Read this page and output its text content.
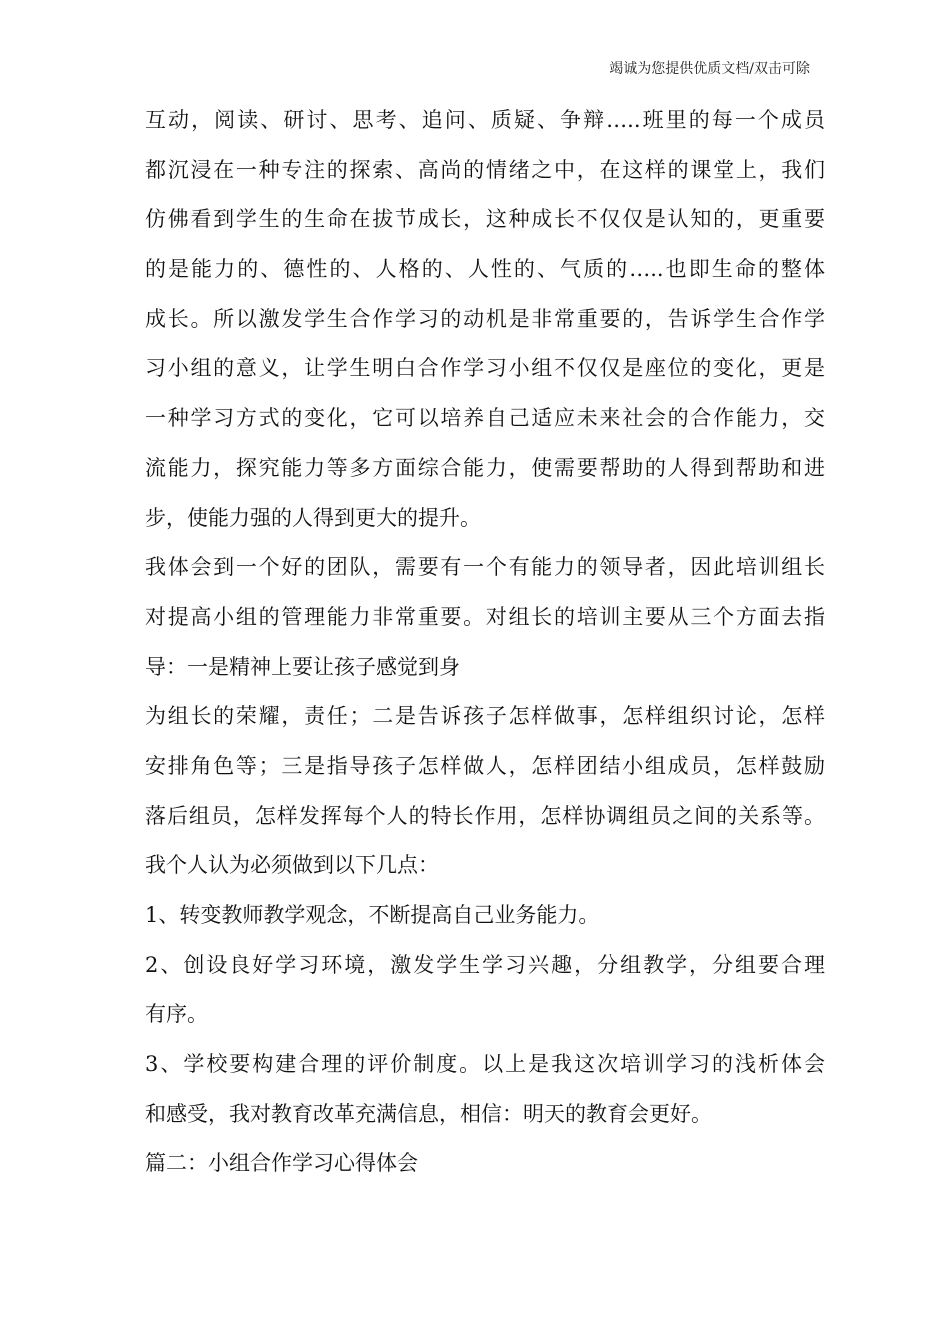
竭诚为您提供优质文档/双击可除
互动，阅读、研讨、思考、追问、质疑、争辩…..班里的每一个成员
都沉浸在一种专注的探索、高尚的情绪之中，在这样的课堂上，我们
仿佛看到学生的生命在拔节成长，这种成长不仅仅是认知的，更重要
的是能力的、德性的、人格的、人性的、气质的…..也即生命的整体
成长。所以激发学生合作学习的动机是非常重要的，告诉学生合作学
习小组的意义，让学生明白合作学习小组不仅仅是座位的变化，更是
一种学习方式的变化，它可以培养自己适应未来社会的合作能力，交
流能力，探究能力等多方面综合能力，使需要帮助的人得到帮助和进
步，使能力强的人得到更大的提升。
我体会到一个好的团队，需要有一个有能力的领导者，因此培训组长
对提高小组的管理能力非常重要。对组长的培训主要从三个方面去指
导：一是精神上要让孩子感觉到身
为组长的荣耀，责任；二是告诉孩子怎样做事，怎样组织讨论，怎样
安排角色等；三是指导孩子怎样做人，怎样团结小组成员，怎样鼓励
落后组员，怎样发挥每个人的特长作用，怎样协调组员之间的关系等。
我个人认为必须做到以下几点：
1、转变教师教学观念，不断提高自己业务能力。
2、创设良好学习环境，激发学生学习兴趣，分组教学，分组要合理
有序。
3、学校要构建合理的评价制度。以上是我这次培训学习的浅析体会
和感受，我对教育改革充满信息，相信：明天的教育会更好。
篇二：小组合作学习心得体会
